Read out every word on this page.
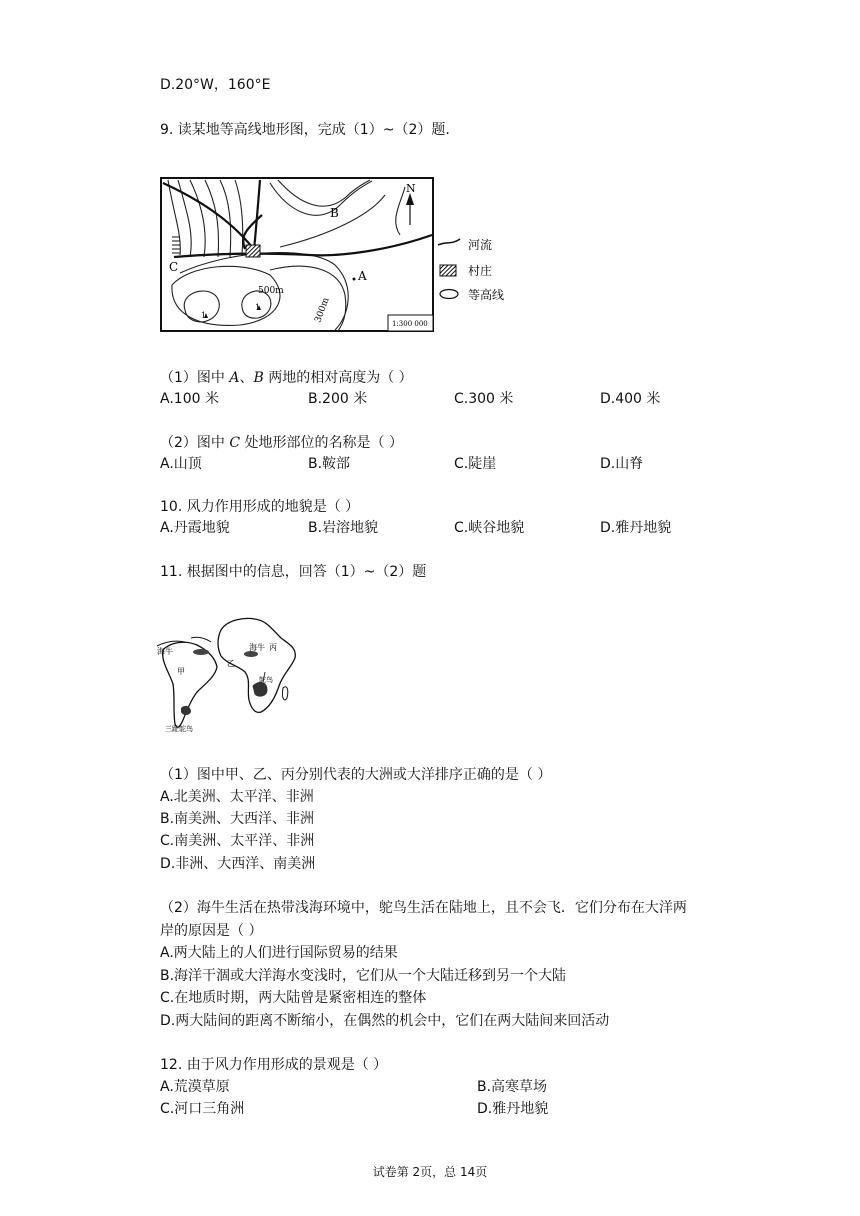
D.20°W，160°E
9. 读某地等高线地形图，完成（1）~（2）题.
N
B
A
C
500m
300m
1
1
1:300 000
河流
村庄
等高线
（1）图中 A、B 两地的相对高度为（ ）
A.100 米	B.200 米	C.300 米	D.400 米
（2）图中 C 处地形部位的名称是（ ）
A.山顶	B.鞍部	C.陡崖	D.山脊
10. 风力作用形成的地貌是（ ）
A.丹霞地貌	B.岩溶地貌	C.峡谷地貌	D.雅丹地貌
11. 根据图中的信息，回答（1）~（2）题
海牛
甲
乙
海牛 丙
鸵鸟
三趾鸵鸟
（1）图中甲、乙、丙分别代表的大洲或大洋排序正确的是（ ）
A.北美洲、太平洋、非洲
B.南美洲、大西洋、非洲
C.南美洲、太平洋、非洲
D.非洲、大西洋、南美洲
（2）海牛生活在热带浅海环境中，鸵鸟生活在陆地上，且不会飞．它们分布在大洋两
岸的原因是（ ）
A.两大陆上的人们进行国际贸易的结果
B.海洋干涸或大洋海水变浅时，它们从一个大陆迁移到另一个大陆
C.在地质时期，两大陆曾是紧密相连的整体
D.两大陆间的距离不断缩小，在偶然的机会中，它们在两大陆间来回活动
12. 由于风力作用形成的景观是（ ）
A.荒漠草原	B.高寒草场
C.河口三角洲	D.雅丹地貌
试卷第 2页，总 14页
